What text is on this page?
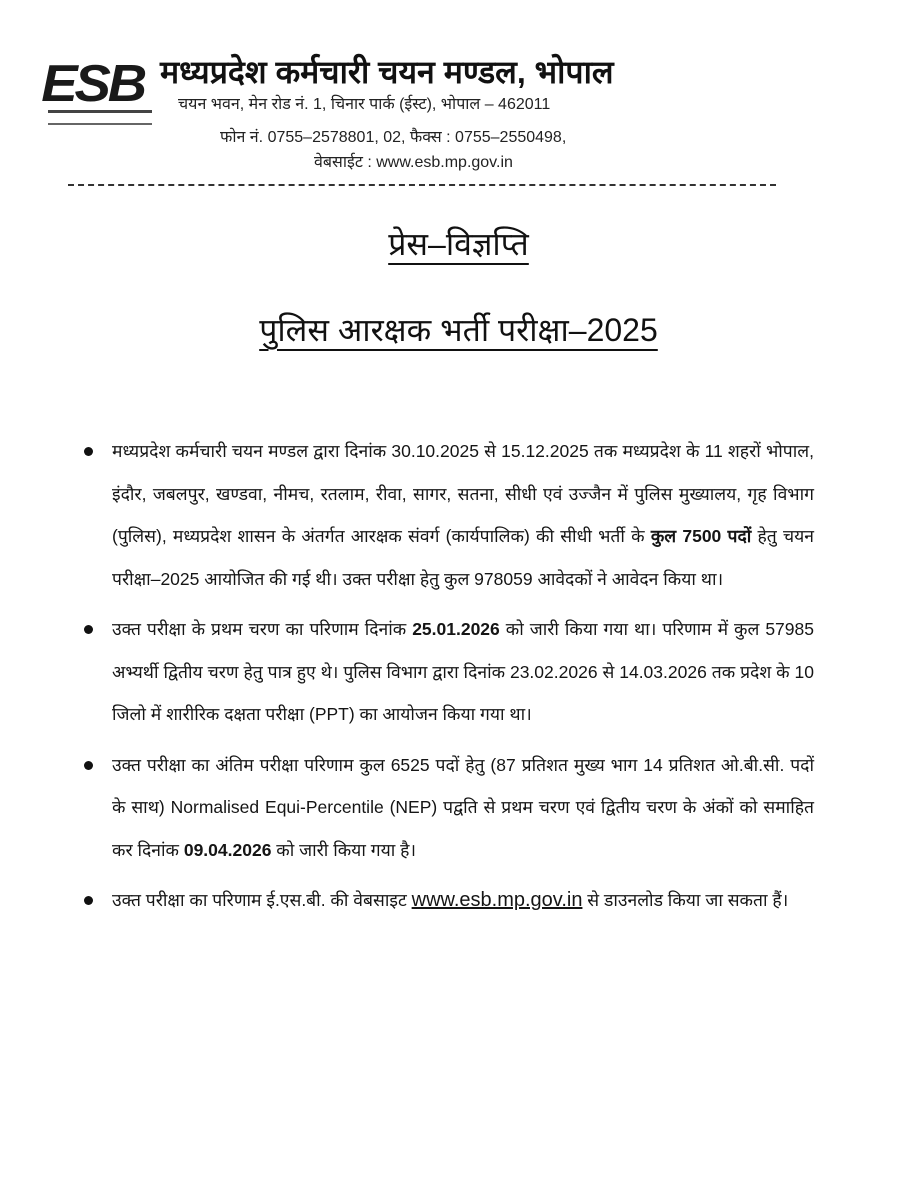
ESB मध्यप्रदेश कर्मचारी चयन मण्डल, भोपाल
चयन भवन, मेन रोड नं. 1, चिनार पार्क (ईस्ट), भोपाल – 462011
फोन नं. 0755–2578801, 02, फैक्स : 0755–2550498,
वेबसाईट : www.esb.mp.gov.in
प्रेस–विज्ञप्ति
पुलिस आरक्षक भर्ती परीक्षा–2025
मध्यप्रदेश कर्मचारी चयन मण्डल द्वारा दिनांक 30.10.2025 से 15.12.2025 तक मध्यप्रदेश के 11 शहरों भोपाल, इंदौर, जबलपुर, खण्डवा, नीमच, रतलाम, रीवा, सागर, सतना, सीधी एवं उज्जैन में पुलिस मुख्यालय, गृह विभाग (पुलिस), मध्यप्रदेश शासन के अंतर्गत आरक्षक संवर्ग (कार्यपालिक) की सीधी भर्ती के कुल 7500 पदों हेतु चयन परीक्षा–2025 आयोजित की गई थी। उक्त परीक्षा हेतु कुल 978059 आवेदकों ने आवेदन किया था।
उक्त परीक्षा के प्रथम चरण का परिणाम दिनांक 25.01.2026 को जारी किया गया था। परिणाम में कुल 57985 अभ्यर्थी द्वितीय चरण हेतु पात्र हुए थे। पुलिस विभाग द्वारा दिनांक 23.02.2026 से 14.03.2026 तक प्रदेश के 10 जिलो में शारीरिक दक्षता परीक्षा (PPT) का आयोजन किया गया था।
उक्त परीक्षा का अंतिम परीक्षा परिणाम कुल 6525 पदों हेतु (87 प्रतिशत मुख्य भाग 14 प्रतिशत ओ.बी.सी. पदों के साथ) Normalised Equi-Percentile (NEP) पद्वति से प्रथम चरण एवं द्वितीय चरण के अंकों को समाहित कर दिनांक 09.04.2026 को जारी किया गया है।
उक्त परीक्षा का परिणाम ई.एस.बी. की वेबसाइट www.esb.mp.gov.in से डाउनलोड किया जा सकता हैं।
